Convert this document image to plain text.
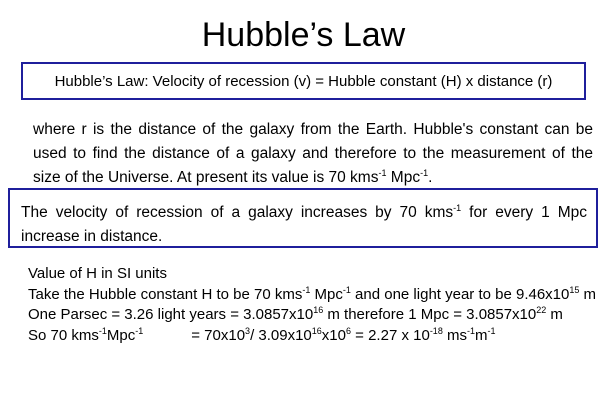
Hubble’s Law
Hubble’s Law: Velocity of recession (v) = Hubble constant (H) x distance (r)
where r is the distance of the galaxy from the Earth. Hubble's constant can be used to find the distance of a galaxy and therefore to the measurement of the size of the Universe. At present its value is 70 kms$^{-1}$ Mpc$^{-1}$.
The velocity of recession of a galaxy increases by 70 kms$^{-1}$ for every 1 Mpc increase in distance.
Value of H in SI units
Take the Hubble constant H to be 70 kms$^{-1}$ Mpc$^{-1}$ and one light year to be $9.46x10^{15}$ m
One Parsec = 3.26 light years = $3.0857x10^{16}$ m therefore 1 Mpc = $3.0857x10^{22}$ m
So 70 kms$^{-1}$Mpc$^{-1}$	= $70x10^3/$ $3.09x10^{16}x10^6 = 2.27$ x $10^{-18}$ $ms^{-1}m^{-1}$
